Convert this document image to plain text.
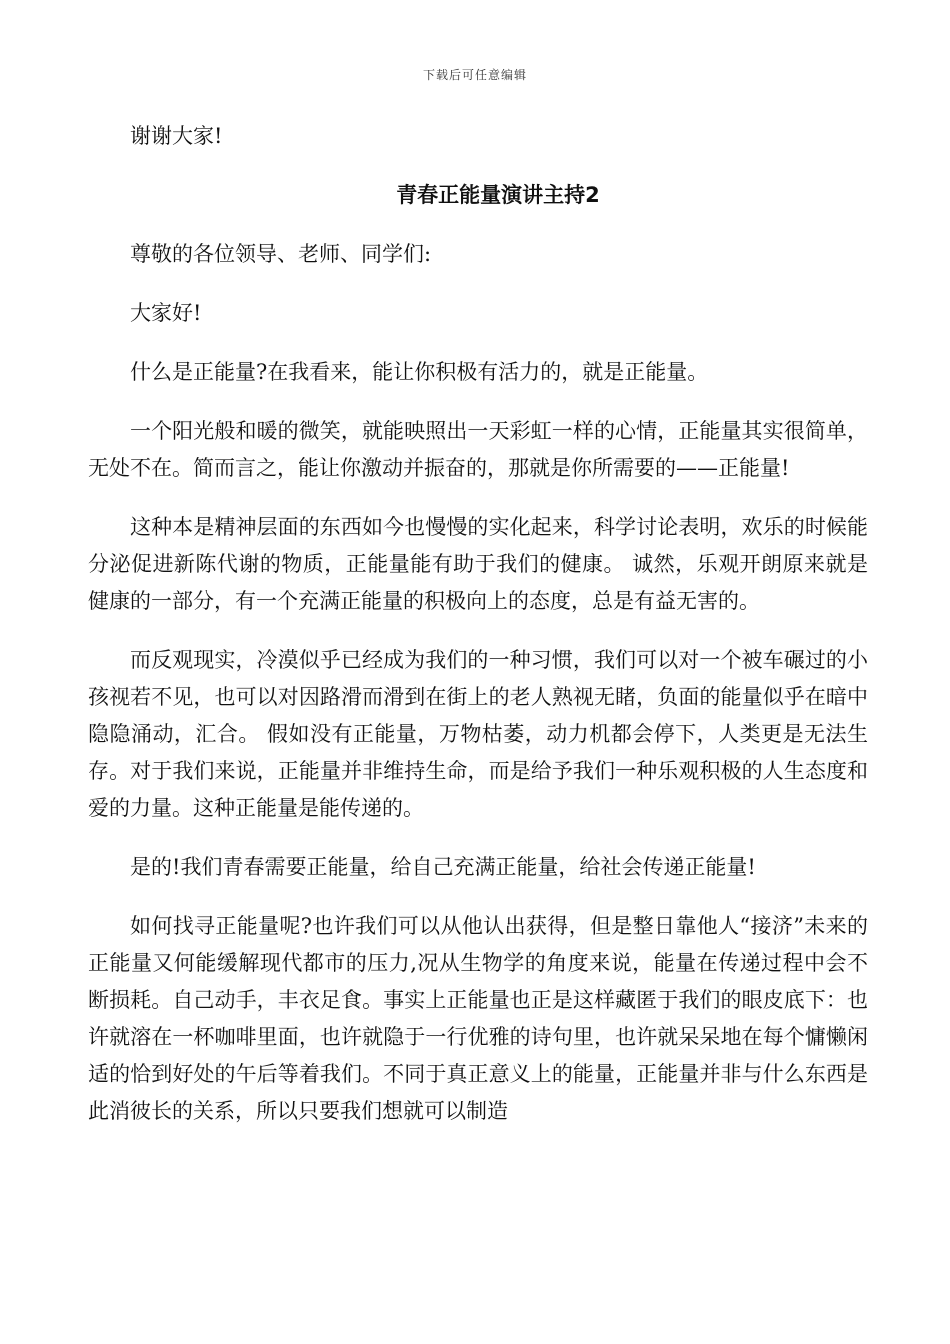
下载后可任意编辑

谢谢大家!

青春正能量演讲主持2

尊敬的各位领导、老师、同学们:

大家好!

什么是正能量?在我看来，能让你积极有活力的，就是正能量。

一个阳光般和暖的微笑，就能映照出一天彩虹一样的心情，正能量其实很简单，无处不在。简而言之，能让你激动并振奋的，那就是你所需要的——正能量!

这种本是精神层面的东西如今也慢慢的实化起来，科学讨论表明，欢乐的时候能分泌促进新陈代谢的物质，正能量能有助于我们的健康。 诚然，乐观开朗原来就是健康的一部分，有一个充满正能量的积极向上的态度，总是有益无害的。

而反观现实，冷漠似乎已经成为我们的一种习惯，我们可以对一个被车碾过的小孩视若不见，也可以对因路滑而滑到在街上的老人熟视无睹，负面的能量似乎在暗中隐隐涌动，汇合。 假如没有正能量，万物枯萎，动力机都会停下，人类更是无法生存。对于我们来说，正能量并非维持生命，而是给予我们一种乐观积极的人生态度和爱的力量。这种正能量是能传递的。

是的!我们青春需要正能量，给自己充满正能量，给社会传递正能量!

如何找寻正能量呢?也许我们可以从他认出获得，但是整日靠他人“接济”未来的正能量又何能缓解现代都市的压力,况从生物学的角度来说，能量在传递过程中会不断损耗。自己动手，丰衣足食。事实上正能量也正是这样藏匿于我们的眼皮底下：也许就溶在一杯咖啡里面，也许就隐于一行优雅的诗句里，也许就呆呆地在每个慵懒闲适的恰到好处的午后等着我们。不同于真正意义上的能量，正能量并非与什么东西是此消彼长的关系，所以只要我们想就可以制造
